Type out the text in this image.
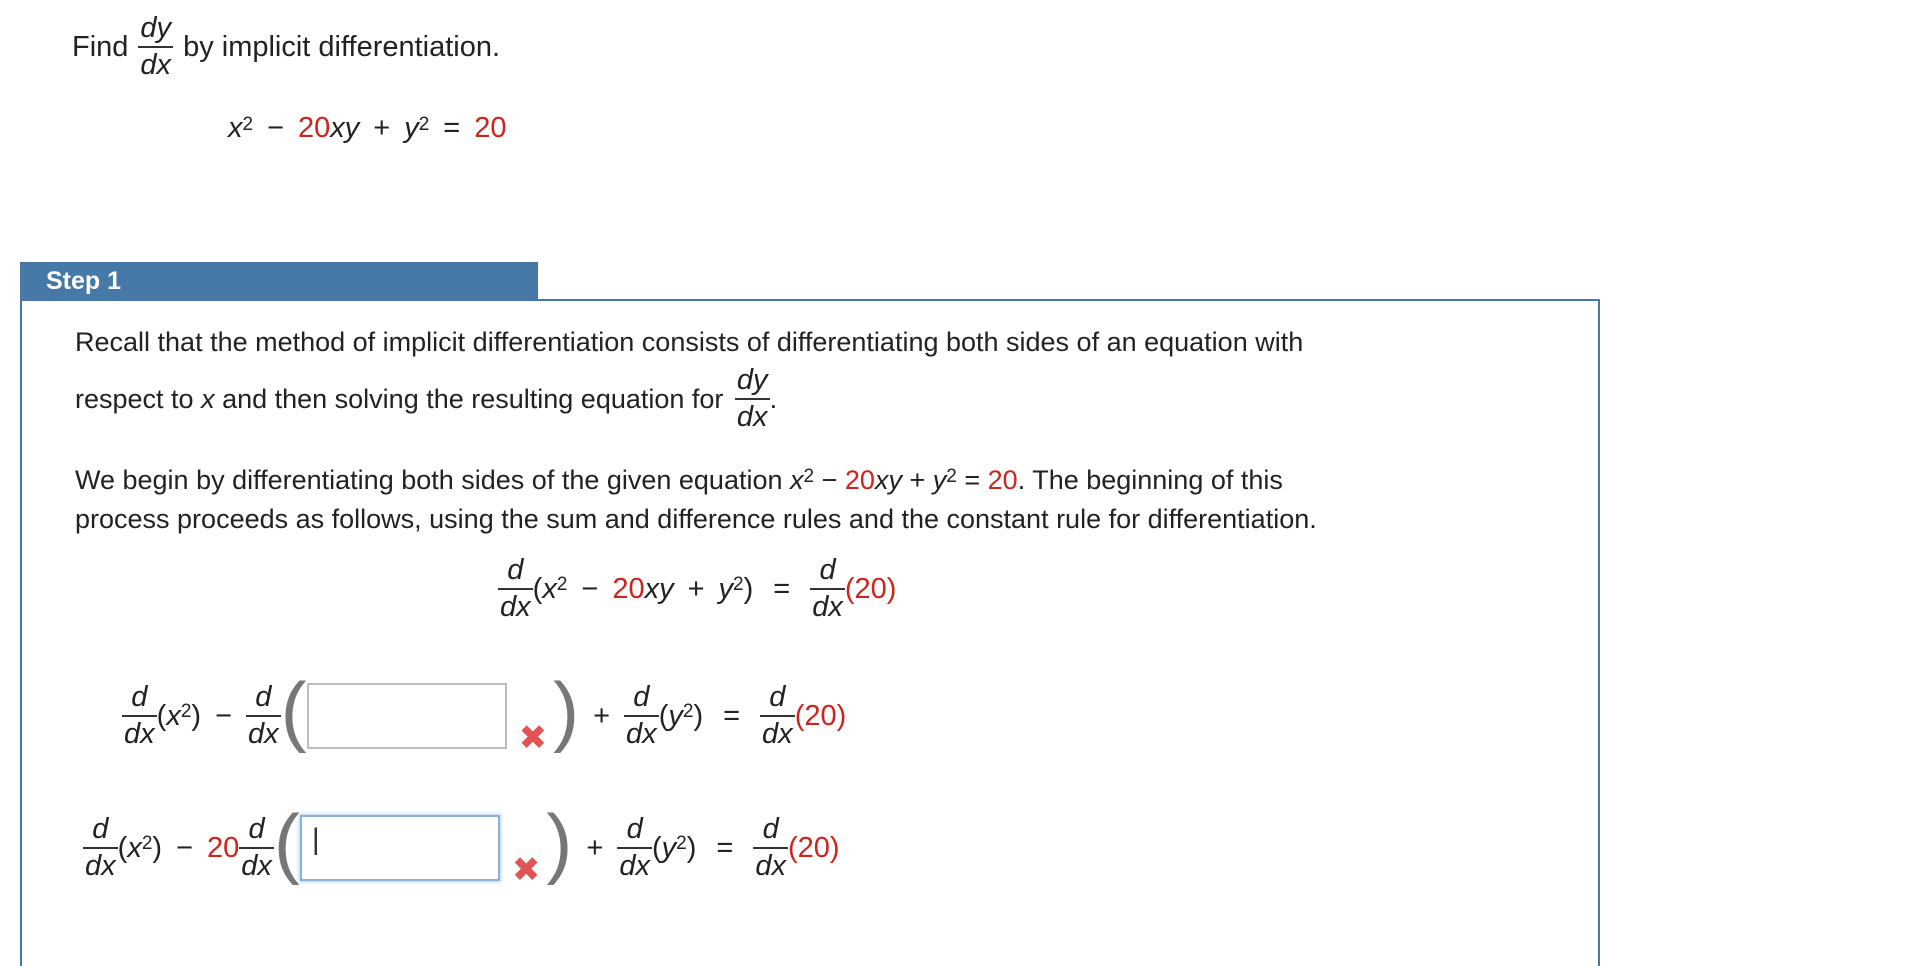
Find $\frac{dy}{dx}$ by implicit differentiation.
$x^2 - 20$ xy + $y^2 = 20$
Step 1
Recall that the method of implicit differentiation consists of differentiating both sides of an equation with
respect to x and then solving the resulting equation for $\frac{dy}{dx}$ .
We begin by differentiating both sides of the given equation $x^2$
−
20 xy
+
$y^2$
=
20 . The beginning of this
process proceeds as follows, using the sum and difference rules and the constant rule for differentiation.
$\frac{d}{dx}$ ( $x^2 - 20$ xy + $y^2$ ) = $\frac{d}{dx} (20)$
$\frac{d}{dx}$ ( $x^2$ ) − $\frac{d}{dx}$ (	✖ ) + $\frac{d}{dx}$ ( $y^2$ ) = $\frac{d}{dx} (20)$
$\frac{d}{dx}$ ( $x^2$ ) − $20 \frac{d}{dx}$ ( |
✖ ) + $\frac{d}{dx}$ ( $y^2$ ) = $\frac{d}{dx} (20)$
